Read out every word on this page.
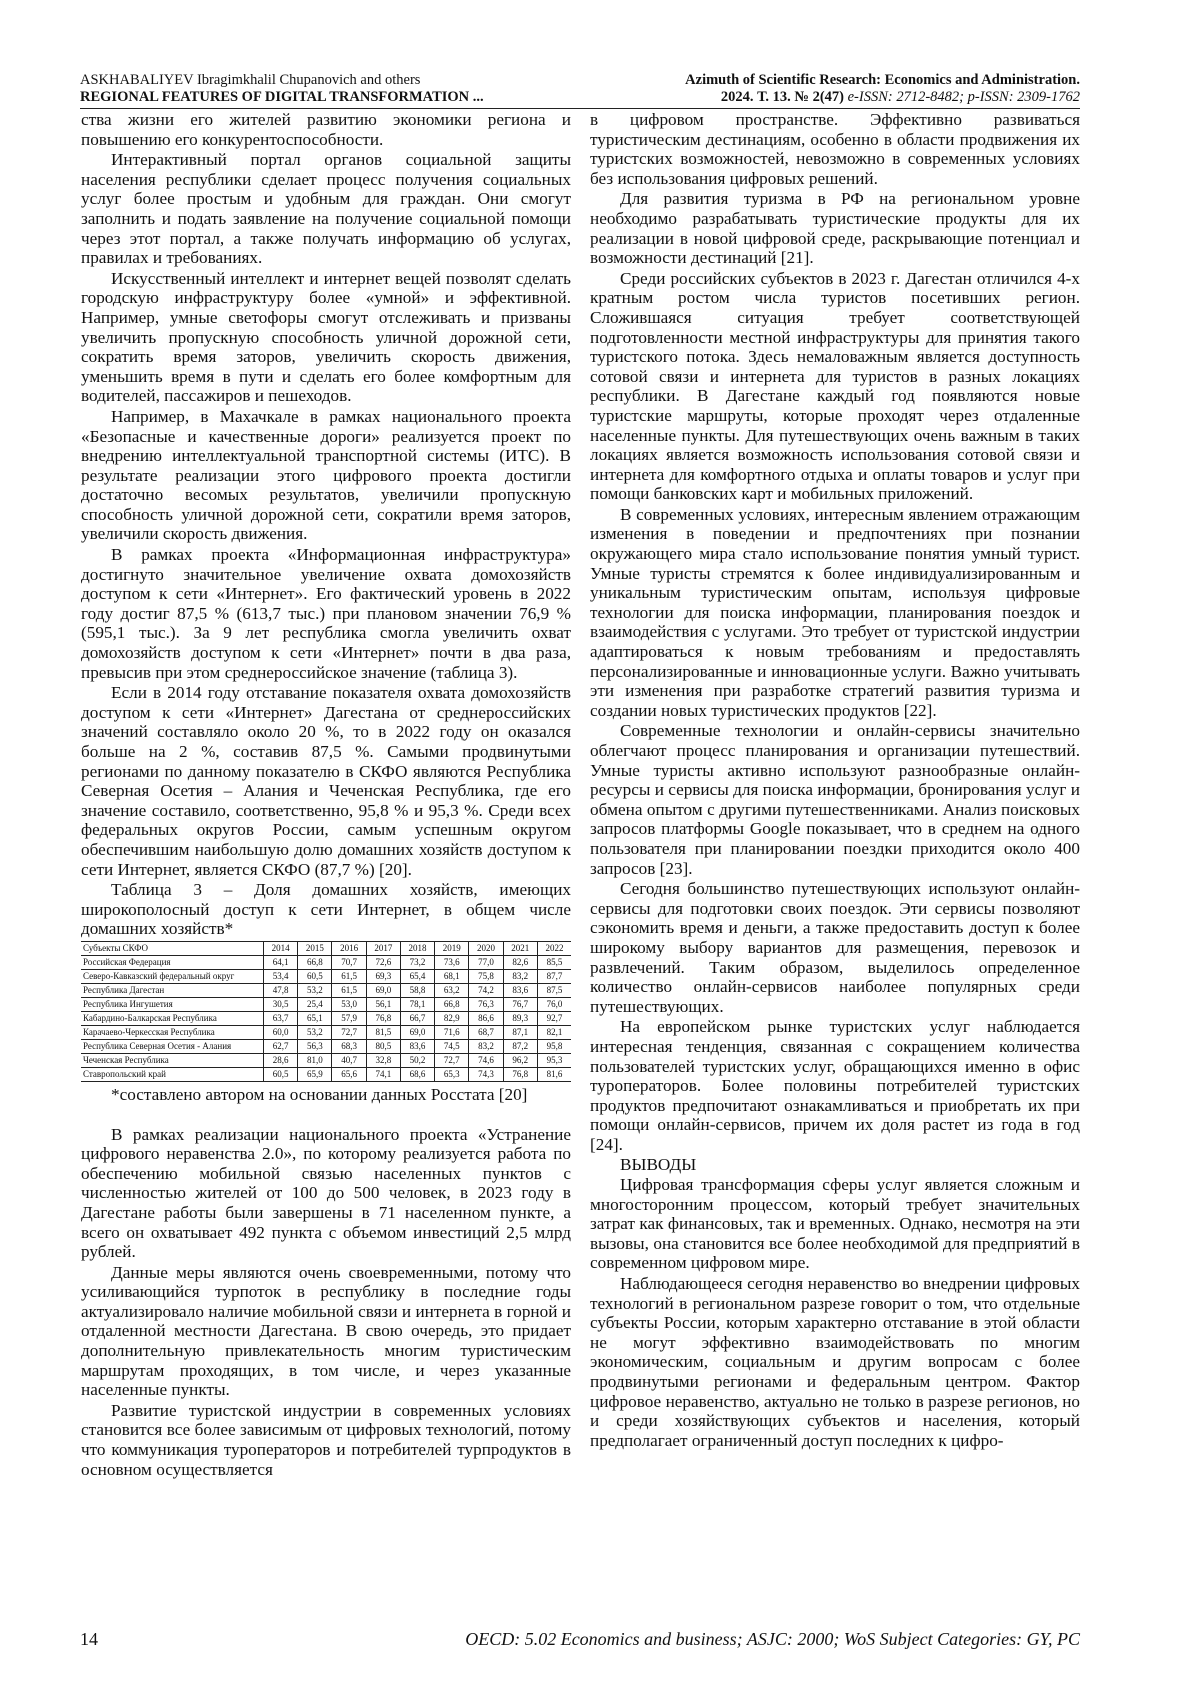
ASKHABALIYEV Ibragimkhalil Chupanovich and others
REGIONAL FEATURES OF DIGITAL TRANSFORMATION ...
Azimuth of Scientific Research: Economics and Administration.
2024. Т. 13. № 2(47) e-ISSN: 2712-8482; p-ISSN: 2309-1762

ства жизни его жителей развитию экономики региона и повышению его конкурентоспособности.

Интерактивный портал органов социальной защиты населения республики сделает процесс получения социальных услуг более простым и удобным для граждан. Они смогут заполнить и подать заявление на получение социальной помощи через этот портал, а также получать информацию об услугах, правилах и требованиях.

Искусственный интеллект и интернет вещей позволят сделать городскую инфраструктуру более «умной» и эффективной. Например, умные светофоры смогут отслеживать и призваны увеличить пропускную способность уличной дорожной сети, сократить время заторов, увеличить скорость движения, уменьшить время в пути и сделать его более комфортным для водителей, пассажиров и пешеходов.

Например, в Махачкале в рамках национального проекта «Безопасные и качественные дороги» реализуется проект по внедрению интеллектуальной транспортной системы (ИТС). В результате реализации этого цифрового проекта достигли достаточно весомых результатов, увеличили пропускную способность уличной дорожной сети, сократили время заторов, увеличили скорость движения.

В рамках проекта «Информационная инфраструктура» достигнуто значительное увеличение охвата домохозяйств доступом к сети «Интернет». Его фактический уровень в 2022 году достиг 87,5 % (613,7 тыс.) при плановом значении 76,9 % (595,1 тыс.). За 9 лет республика смогла увеличить охват домохозяйств доступом к сети «Интернет» почти в два раза, превысив при этом среднероссийское значение (таблица 3).

Если в 2014 году отставание показателя охвата домохозяйств доступом к сети «Интернет» Дагестана от среднероссийских значений составляло около 20 %, то в 2022 году он оказался больше на 2 %, составив 87,5 %. Самыми продвинутыми регионами по данному показателю в СКФО являются Республика Северная Осетия – Алания и Чеченская Республика, где его значение составило, соответственно, 95,8 % и 95,3 %. Среди всех федеральных округов России, самым успешным округом обеспечившим наибольшую долю домашних хозяйств доступом к сети Интернет, является СКФО (87,7 %) [20].

Таблица 3 – Доля домашних хозяйств, имеющих широкополосный доступ к сети Интернет, в общем числе домашних хозяйств*

Субъекты СКФО	2014	2015	2016	2017	2018	2019	2020	2021	2022
Российская Федерация	64,1	66,8	70,7	72,6	73,2	73,6	77,0	82,6	85,5
Северо-Кавказский федеральный округ	53,4	60,5	61,5	69,3	65,4	68,1	75,8	83,2	87,7
Республика Дагестан	47,8	53,2	61,5	69,0	58,8	63,2	74,2	83,6	87,5
Республика Ингушетия	30,5	25,4	53,0	56,1	78,1	66,8	76,3	76,7	76,0
Кабардино-Балкарская Республика	63,7	65,1	57,9	76,8	66,7	82,9	86,6	89,3	92,7
Карачаево-Черкесская Республика	60,0	53,2	72,7	81,5	69,0	71,6	68,7	87,1	82,1
Республика Северная Осетия - Алания	62,7	56,3	68,3	80,5	83,6	74,5	83,2	87,2	95,8
Чеченская Республика	28,6	81,0	40,7	32,8	50,2	72,7	74,6	96,2	95,3
Ставропольский край	60,5	65,9	65,6	74,1	68,6	65,3	74,3	76,8	81,6

*составлено автором на основании данных Росстата [20]

В рамках реализации национального проекта «Устранение цифрового неравенства 2.0», по которому реализуется работа по обеспечению мобильной связью населенных пунктов с численностью жителей от 100 до 500 человек, в 2023 году в Дагестане работы были завершены в 71 населенном пункте, а всего он охватывает 492 пункта с объемом инвестиций 2,5 млрд рублей.

Данные меры являются очень своевременными, потому что усиливающийся турпоток в республику в последние годы актуализировало наличие мобильной связи и интернета в горной и отдаленной местности Дагестана. В свою очередь, это придает дополнительную привлекательность многим туристическим маршрутам проходящих, в том числе, и через указанные населенные пункты.

Развитие туристской индустрии в современных условиях становится все более зависимым от цифровых технологий, потому что коммуникация туроператоров и потребителей турпродуктов в основном осуществляется

в цифровом пространстве. Эффективно развиваться туристическим дестинациям, особенно в области продвижения их туристских возможностей, невозможно в современных условиях без использования цифровых решений.

Для развития туризма в РФ на региональном уровне необходимо разрабатывать туристические продукты для их реализации в новой цифровой среде, раскрывающие потенциал и возможности дестинаций [21].

Среди российских субъектов в 2023 г. Дагестан отличился 4-х кратным ростом числа туристов посетивших регион. Сложившаяся ситуация требует соответствующей подготовленности местной инфраструктуры для принятия такого туристского потока. Здесь немаловажным является доступность сотовой связи и интернета для туристов в разных локациях республики. В Дагестане каждый год появляются новые туристские маршруты, которые проходят через отдаленные населенные пункты. Для путешествующих очень важным в таких локациях является возможность использования сотовой связи и интернета для комфортного отдыха и оплаты товаров и услуг при помощи банковских карт и мобильных приложений.

В современных условиях, интересным явлением отражающим изменения в поведении и предпочтениях при познании окружающего мира стало использование понятия умный турист. Умные туристы стремятся к более индивидуализированным и уникальным туристическим опытам, используя цифровые технологии для поиска информации, планирования поездок и взаимодействия с услугами. Это требует от туристской индустрии адаптироваться к новым требованиям и предоставлять персонализированные и инновационные услуги. Важно учитывать эти изменения при разработке стратегий развития туризма и создании новых туристических продуктов [22].

Современные технологии и онлайн-сервисы значительно облегчают процесс планирования и организации путешествий. Умные туристы активно используют разнообразные онлайн-ресурсы и сервисы для поиска информации, бронирования услуг и обмена опытом с другими путешественниками. Анализ поисковых запросов платформы Google показывает, что в среднем на одного пользователя при планировании поездки приходится около 400 запросов [23].

Сегодня большинство путешествующих используют онлайн-сервисы для подготовки своих поездок. Эти сервисы позволяют сэкономить время и деньги, а также предоставить доступ к более широкому выбору вариантов для размещения, перевозок и развлечений. Таким образом, выделилось определенное количество онлайн-сервисов наиболее популярных среди путешествующих.

На европейском рынке туристских услуг наблюдается интересная тенденция, связанная с сокращением количества пользователей туристских услуг, обращающихся именно в офис туроператоров. Более половины потребителей туристских продуктов предпочитают ознакамливаться и приобретать их при помощи онлайн-сервисов, причем их доля растет из года в год [24].

ВЫВОДЫ

Цифровая трансформация сферы услуг является сложным и многосторонним процессом, который требует значительных затрат как финансовых, так и временных. Однако, несмотря на эти вызовы, она становится все более необходимой для предприятий в современном цифровом мире.

Наблюдающееся сегодня неравенство во внедрении цифровых технологий в региональном разрезе говорит о том, что отдельные субъекты России, которым характерно отставание в этой области не могут эффективно взаимодействовать по многим экономическим, социальным и другим вопросам с более продвинутыми регионами и федеральным центром. Фактор цифровое неравенство, актуально не только в разрезе регионов, но и среди хозяйствующих субъектов и населения, который предполагает ограниченный доступ последних к цифро-

14	OECD: 5.02 Economics and business; ASJC: 2000; WoS Subject Categories: GY, PC
